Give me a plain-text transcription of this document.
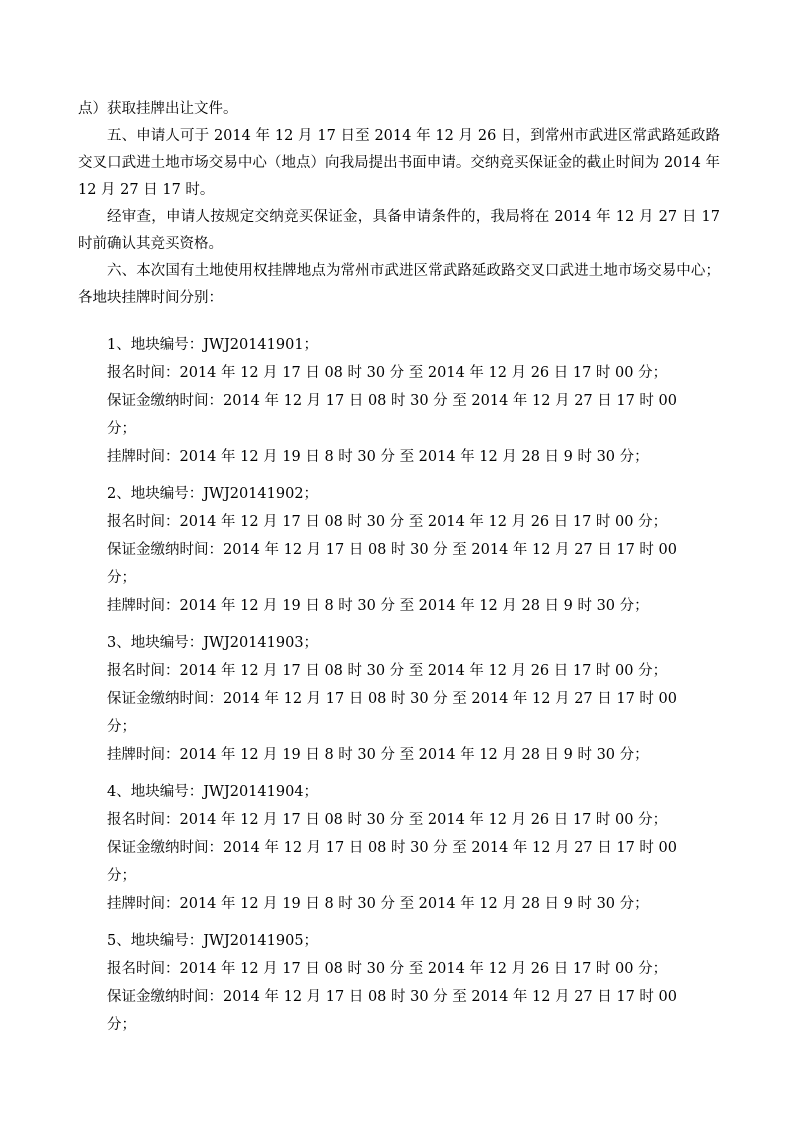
点）获取挂牌出让文件。
五、申请人可于 2014 年 12 月 17 日至 2014 年 12 月 26 日，到常州市武进区常武路延政路交叉口武进土地市场交易中心（地点）向我局提出书面申请。交纳竞买保证金的截止时间为 2014 年 12 月 27 日 17 时。
经审查，申请人按规定交纳竞买保证金，具备申请条件的，我局将在 2014 年 12 月 27 日 17 时前确认其竞买资格。
六、本次国有土地使用权挂牌地点为常州市武进区常武路延政路交叉口武进土地市场交易中心；各地块挂牌时间分别：
1、地块编号：JWJ20141901；
报名时间：2014 年 12 月 17 日 08 时 30 分 至 2014 年 12 月 26 日 17 时 00 分；
保证金缴纳时间：2014 年 12 月 17 日 08 时 30 分 至 2014 年 12 月 27 日 17 时 00
分；
挂牌时间：2014 年 12 月 19 日 8 时 30 分 至 2014 年 12 月 28 日 9 时 30 分；
2、地块编号：JWJ20141902；
报名时间：2014 年 12 月 17 日 08 时 30 分 至 2014 年 12 月 26 日 17 时 00 分；
保证金缴纳时间：2014 年 12 月 17 日 08 时 30 分 至 2014 年 12 月 27 日 17 时 00
分；
挂牌时间：2014 年 12 月 19 日 8 时 30 分 至 2014 年 12 月 28 日 9 时 30 分；
3、地块编号：JWJ20141903；
报名时间：2014 年 12 月 17 日 08 时 30 分 至 2014 年 12 月 26 日 17 时 00 分；
保证金缴纳时间：2014 年 12 月 17 日 08 时 30 分 至 2014 年 12 月 27 日 17 时 00
分；
挂牌时间：2014 年 12 月 19 日 8 时 30 分 至 2014 年 12 月 28 日 9 时 30 分；
4、地块编号：JWJ20141904；
报名时间：2014 年 12 月 17 日 08 时 30 分 至 2014 年 12 月 26 日 17 时 00 分；
保证金缴纳时间：2014 年 12 月 17 日 08 时 30 分 至 2014 年 12 月 27 日 17 时 00
分；
挂牌时间：2014 年 12 月 19 日 8 时 30 分 至 2014 年 12 月 28 日 9 时 30 分；
5、地块编号：JWJ20141905；
报名时间：2014 年 12 月 17 日 08 时 30 分 至 2014 年 12 月 26 日 17 时 00 分；
保证金缴纳时间：2014 年 12 月 17 日 08 时 30 分 至 2014 年 12 月 27 日 17 时 00
分；
